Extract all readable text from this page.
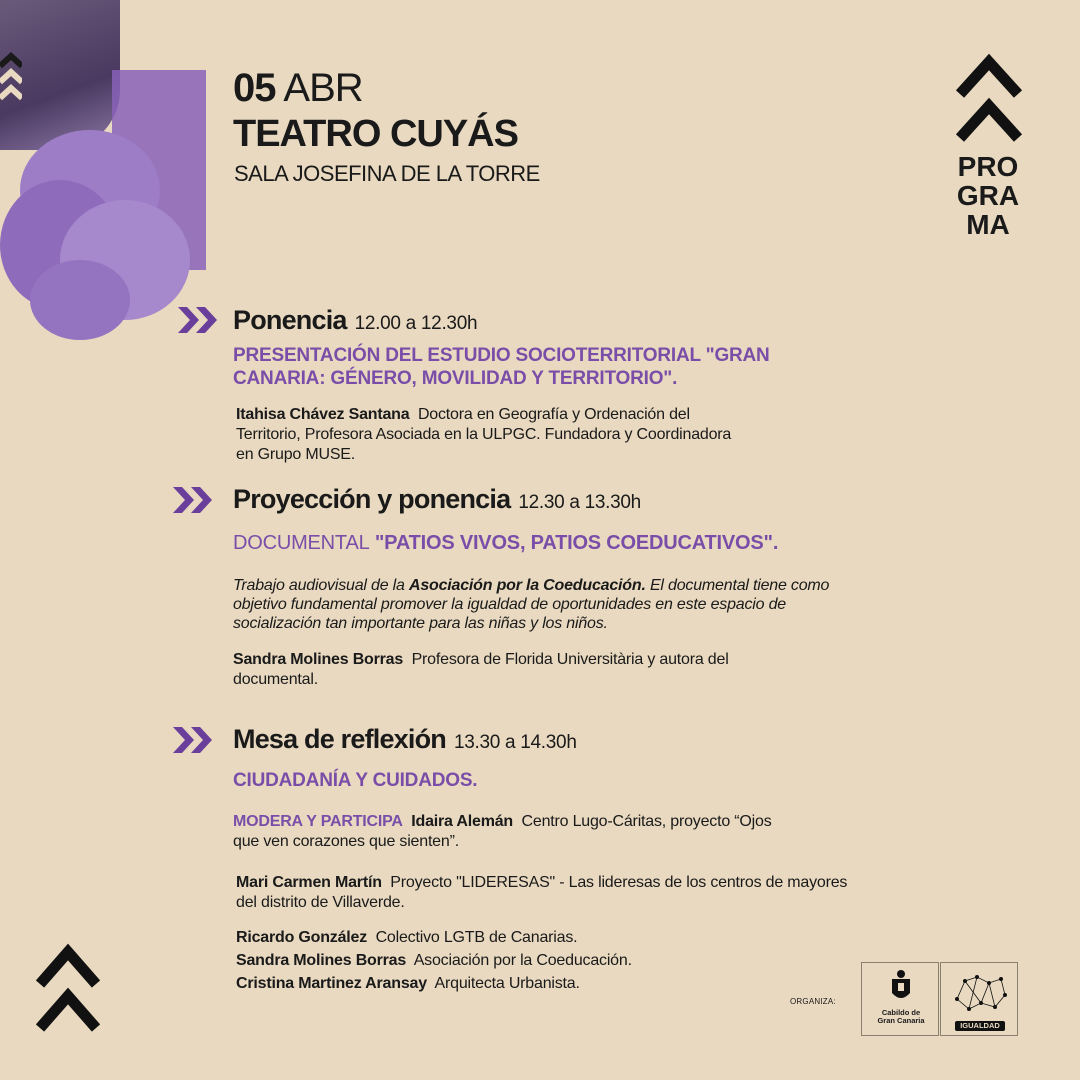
05 ABR
TEATRO CUYÁS
SALA JOSEFINA DE LA TORRE	PRO
GRA
MA
Ponencia 12.00 a 12.30h
PRESENTACIÓN DEL ESTUDIO SOCIOTERRITORIAL "GRAN
CANARIA: GÉNERO, MOVILIDAD Y TERRITORIO".
Itahisa Chávez Santana Doctora en Geografía y Ordenación del
Territorio, Profesora Asociada en la ULPGC. Fundadora y Coordinadora
en Grupo MUSE.
Proyección y ponencia 12.30 a 13.30h
DOCUMENTAL "PATIOS VIVOS, PATIOS COEDUCATIVOS".
Trabajo audiovisual de la Asociación por la Coeducación. El documental tiene como
objetivo fundamental promover la igualdad de oportunidades en este espacio de
socialización tan importante para las niñas y los niños.
Sandra Molines Borras Profesora de Florida Universitària y autora del
documental.
Mesa de reflexión 13.30 a 14.30h
CIUDADANÍA Y CUIDADOS.
MODERA Y PARTICIPA Idaira Alemán Centro Lugo-Cáritas, proyecto “Ojos
que ven corazones que sienten”.
Mari Carmen Martín Proyecto "LIDERESAS" - Las lideresas de los centros de mayores
del distrito de Villaverde.
Ricardo González Colectivo LGTB de Canarias.
Sandra Molines Borras Asociación por la Coeducación.
Cristina Martinez Aransay Arquitecta Urbanista.
ORGANIZA:
Cabildo de
Gran Canaria
IGUALDAD
